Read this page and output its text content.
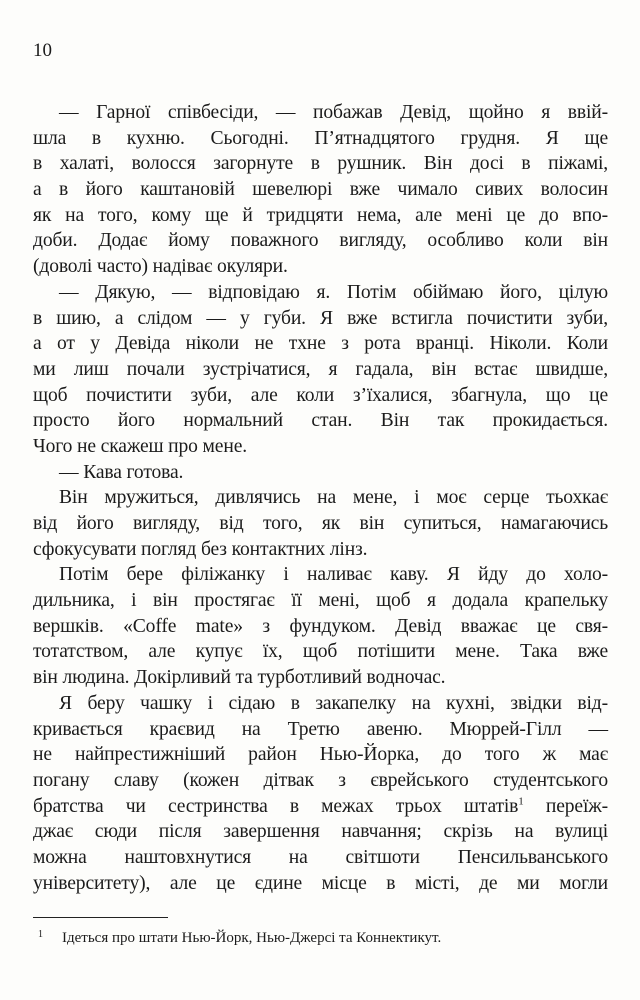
10
— Гарної співбесіди, — побажав Девід, щойно я ввій-
шла в кухню. Сьогодні. П’ятнадцятого грудня. Я ще
в халаті, волосся загорнуте в рушник. Він досі в піжамі,
а в його каштановій шевелюрі вже чимало сивих волосин
як на того, кому ще й тридцяти нема, але мені це до впо-
доби. Додає йому поважного вигляду, особливо коли він
(доволі часто) надіває окуляри.
— Дякую, — відповідаю я. Потім обіймаю його, цілую
в шию, а слідом — у губи. Я вже встигла почистити зуби,
а от у Девіда ніколи не тхне з рота вранці. Ніколи. Коли
ми лиш почали зустрічатися, я гадала, він встає швидше,
щоб почистити зуби, але коли з’їхалися, збагнула, що це
просто його нормальний стан. Він так прокидається.
Чого не скажеш про мене.
— Кава готова.
Він мружиться, дивлячись на мене, і моє серце тьохкає
від його вигляду, від того, як він супиться, намагаючись
сфокусувати погляд без контактних лінз.
Потім бере філіжанку і наливає каву. Я йду до холо-
дильника, і він простягає її мені, щоб я додала крапельку
вершків. «Coffe mate» з фундуком. Девід вважає це свя-
тотатством, але купує їх, щоб потішити мене. Така вже
він людина. Докірливий та турботливий водночас.
Я беру чашку і сідаю в закапелку на кухні, звідки від-
кривається краєвид на Третю авеню. Мюррей-Гілл —
не найпрестижніший район Нью-Йорка, до того ж має
погану славу (кожен дітвак з єврейського студентського
братства чи сестринства в межах трьох штатів$^1$ переїж-
джає сюди після завершення навчання; скрізь на вулиці
можна наштовхнутися на світшоти Пенсильванського
університету), але це єдине місце в місті, де ми могли
1 Ідеться про штати Нью-Йорк, Нью-Джерсі та Коннектикут.
